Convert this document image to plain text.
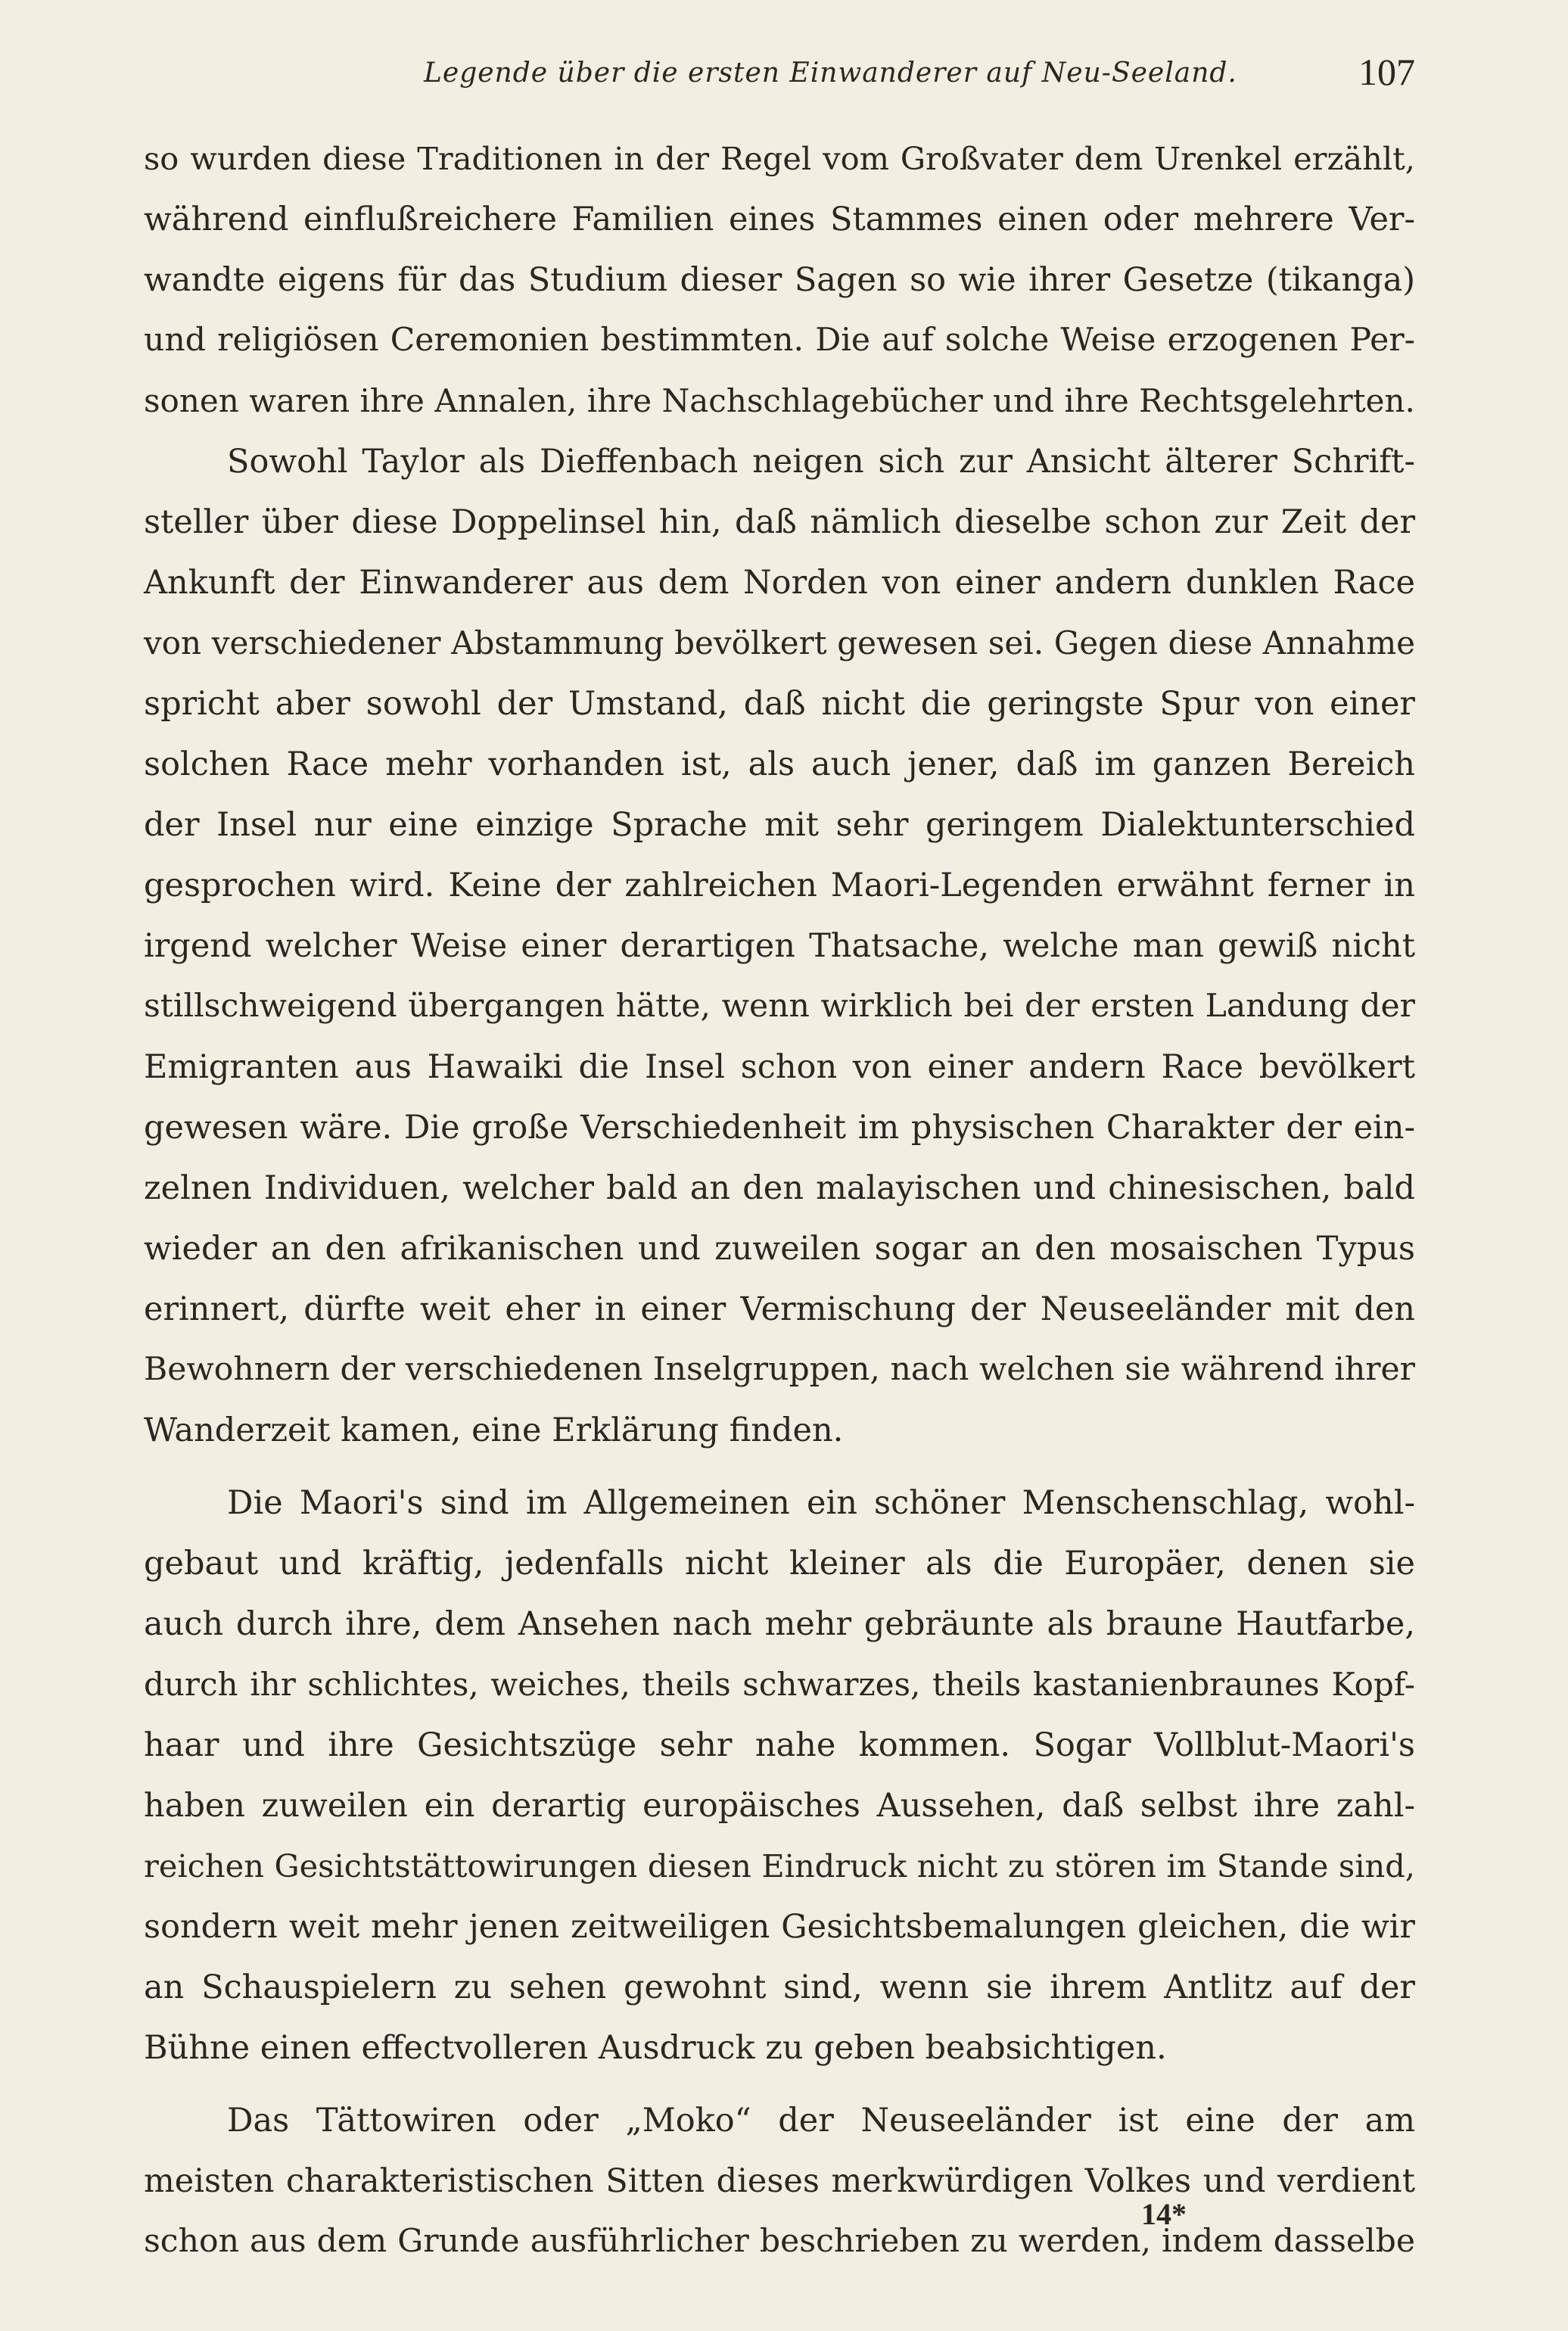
Legende über die ersten Einwanderer auf Neu-Seeland.	107
so wurden diese Traditionen in der Regel vom Großvater dem Urenkel erzählt,
während einflußreichere Familien eines Stammes einen oder mehrere Ver-
wandte eigens für das Studium dieser Sagen so wie ihrer Gesetze (tikanga)
und religiösen Ceremonien bestimmten. Die auf solche Weise erzogenen Per-
sonen waren ihre Annalen, ihre Nachschlagebücher und ihre Rechtsgelehrten.
Sowohl Taylor als Dieffenbach neigen sich zur Ansicht älterer Schrift-
steller über diese Doppelinsel hin, daß nämlich dieselbe schon zur Zeit der
Ankunft der Einwanderer aus dem Norden von einer andern dunklen Race
von verschiedener Abstammung bevölkert gewesen sei. Gegen diese Annahme
spricht aber sowohl der Umstand, daß nicht die geringste Spur von einer
solchen Race mehr vorhanden ist, als auch jener, daß im ganzen Bereich
der Insel nur eine einzige Sprache mit sehr geringem Dialektunterschied
gesprochen wird. Keine der zahlreichen Maori-Legenden erwähnt ferner in
irgend welcher Weise einer derartigen Thatsache, welche man gewiß nicht
stillschweigend übergangen hätte, wenn wirklich bei der ersten Landung der
Emigranten aus Hawaiki die Insel schon von einer andern Race bevölkert
gewesen wäre. Die große Verschiedenheit im physischen Charakter der ein-
zelnen Individuen, welcher bald an den malayischen und chinesischen, bald
wieder an den afrikanischen und zuweilen sogar an den mosaischen Typus
erinnert, dürfte weit eher in einer Vermischung der Neuseeländer mit den
Bewohnern der verschiedenen Inselgruppen, nach welchen sie während ihrer
Wanderzeit kamen, eine Erklärung finden.
Die Maori's sind im Allgemeinen ein schöner Menschenschlag, wohl-
gebaut und kräftig, jedenfalls nicht kleiner als die Europäer, denen sie
auch durch ihre, dem Ansehen nach mehr gebräunte als braune Hautfarbe,
durch ihr schlichtes, weiches, theils schwarzes, theils kastanienbraunes Kopf-
haar und ihre Gesichtszüge sehr nahe kommen. Sogar Vollblut-Maori's
haben zuweilen ein derartig europäisches Aussehen, daß selbst ihre zahl-
reichen Gesichtstättowirungen diesen Eindruck nicht zu stören im Stande sind,
sondern weit mehr jenen zeitweiligen Gesichtsbemalungen gleichen, die wir
an Schauspielern zu sehen gewohnt sind, wenn sie ihrem Antlitz auf der
Bühne einen effectvolleren Ausdruck zu geben beabsichtigen.
Das Tättowiren oder „Moko“ der Neuseeländer ist eine der am
meisten charakteristischen Sitten dieses merkwürdigen Volkes und verdient
schon aus dem Grunde ausführlicher beschrieben zu werden, indem dasselbe
14*
